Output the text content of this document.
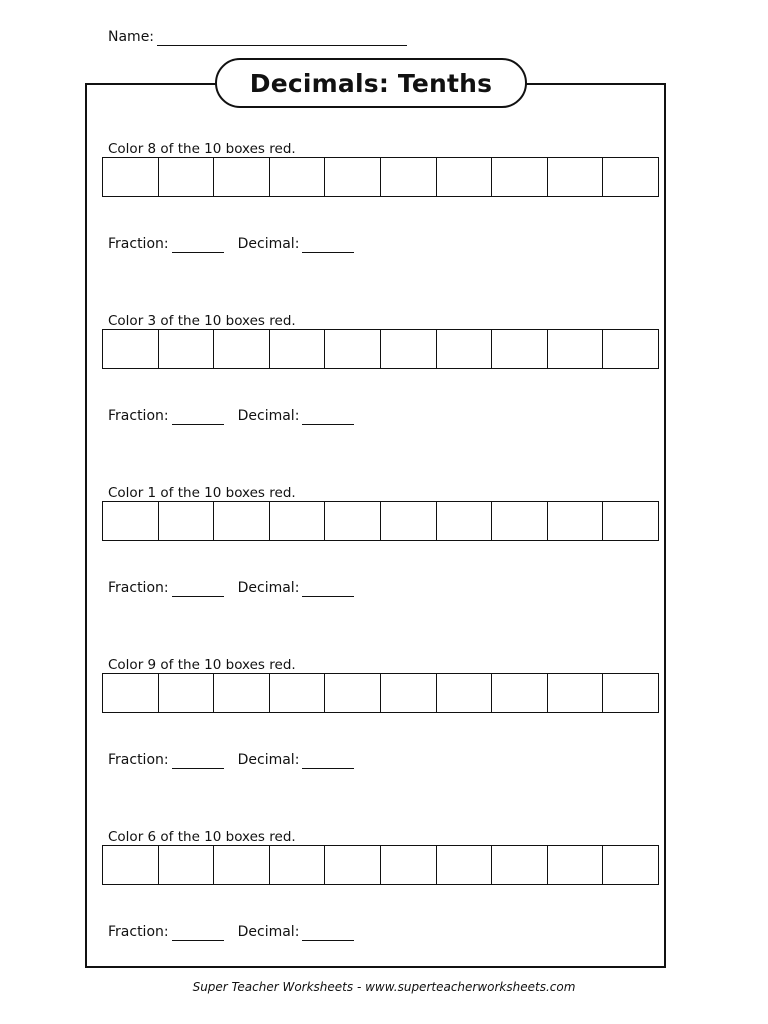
Name:
Decimals: Tenths
Color 8 of the 10 boxes red.
Fraction:	Decimal:
Color 3 of the 10 boxes red.
Fraction:	Decimal:
Color 1 of the 10 boxes red.
Fraction:	Decimal:
Color 9 of the 10 boxes red.
Fraction:	Decimal:
Color 6 of the 10 boxes red.
Fraction:	Decimal:
Super Teacher Worksheets - www.superteacherworksheets.com
